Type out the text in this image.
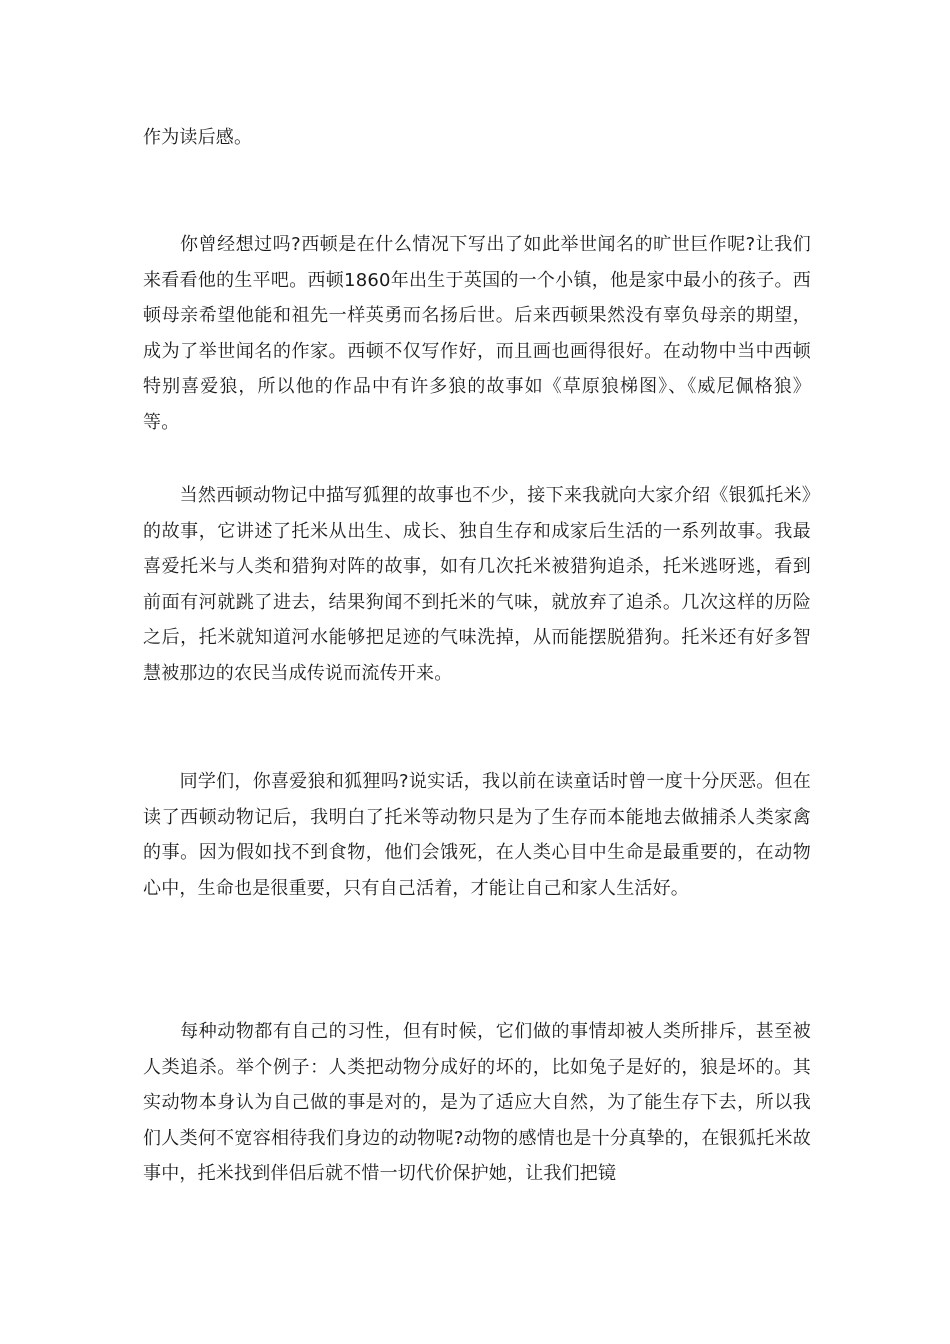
作为读后感。

　　你曾经想过吗?西顿是在什么情况下写出了如此举世闻名的旷世巨作呢?让我们来看看他的生平吧。西顿1860年出生于英国的一个小镇，他是家中最小的孩子。西顿母亲希望他能和祖先一样英勇而名扬后世。后来西顿果然没有辜负母亲的期望，成为了举世闻名的作家。西顿不仅写作好，而且画也画得很好。在动物中当中西顿特别喜爱狼，所以他的作品中有许多狼的故事如《草原狼梯图》、《威尼佩格狼》等。

　　当然西顿动物记中描写狐狸的故事也不少，接下来我就向大家介绍《银狐托米》的故事，它讲述了托米从出生、成长、独自生存和成家后生活的一系列故事。我最喜爱托米与人类和猎狗对阵的故事，如有几次托米被猎狗追杀，托米逃呀逃，看到前面有河就跳了进去，结果狗闻不到托米的气味，就放弃了追杀。几次这样的历险之后，托米就知道河水能够把足迹的气味洗掉，从而能摆脱猎狗。托米还有好多智慧被那边的农民当成传说而流传开来。

　　同学们，你喜爱狼和狐狸吗?说实话，我以前在读童话时曾一度十分厌恶。但在读了西顿动物记后，我明白了托米等动物只是为了生存而本能地去做捕杀人类家禽的事。因为假如找不到食物，他们会饿死，在人类心目中生命是最重要的，在动物心中，生命也是很重要，只有自己活着，才能让自己和家人生活好。

　　每种动物都有自己的习性，但有时候，它们做的事情却被人类所排斥，甚至被人类追杀。举个例子：人类把动物分成好的坏的，比如兔子是好的，狼是坏的。其实动物本身认为自己做的事是对的，是为了适应大自然，为了能生存下去，所以我们人类何不宽容相待我们身边的动物呢?动物的感情也是十分真挚的，在银狐托米故事中，托米找到伴侣后就不惜一切代价保护她，让我们把镜
